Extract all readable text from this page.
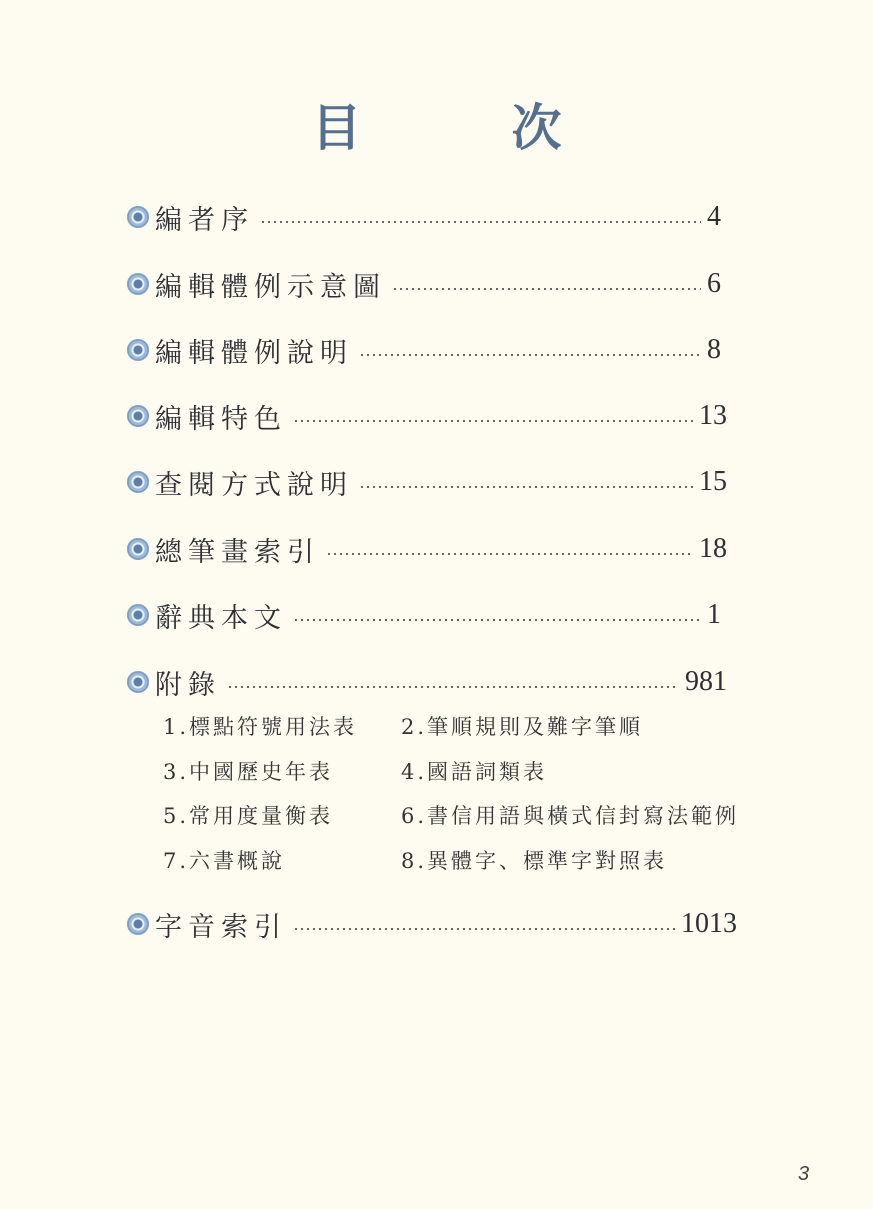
目	次
編者序	4
編輯體例示意圖	6
編輯體例說明	8
編輯特色	13
查閱方式說明	15
總筆畫索引	18
辭典本文	1
附錄	981
1.標點符號用法表 2.筆順規則及難字筆順
3.中國歷史年表	4.國語詞類表
5.常用度量衡表	6.書信用語與橫式信封寫法範例
7.六書概說	8.異體字、標準字對照表
字音索引	1013
3
